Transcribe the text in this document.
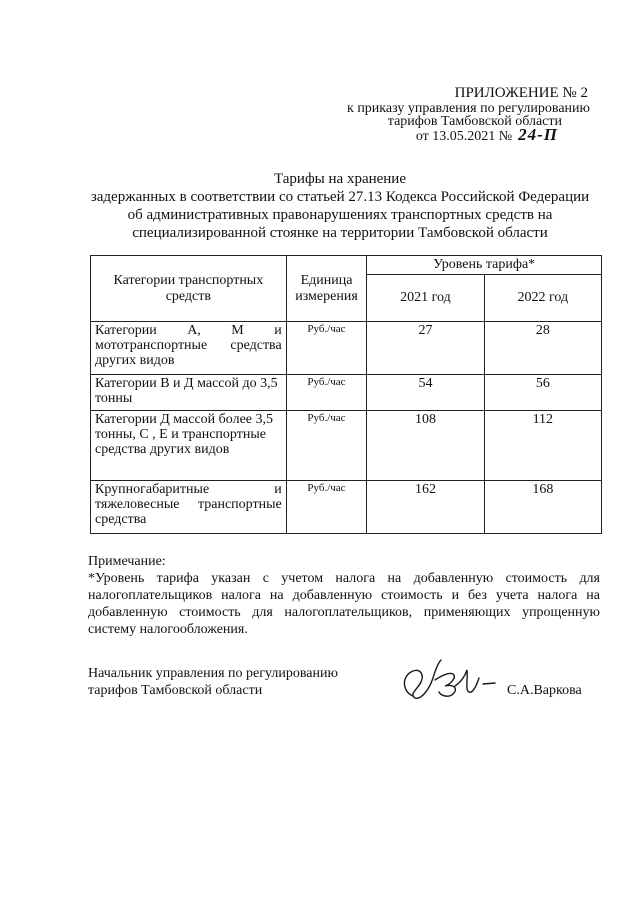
ПРИЛОЖЕНИЕ № 2
к приказу управления по регулированию
тарифов Тамбовской области
от 13.05.2021 № 24-П
Тарифы на хранение
задержанных в соответствии со статьей 27.13 Кодекса Российской Федерации
об административных правонарушениях транспортных средств на
специализированной стоянке на территории Тамбовской области
Категории транспортных средств	Единица измерения	Уровень тарифа*	
		2021 год	2022 год
Категории А, М и мототранспортные средства других видов	Руб./час	27	28
Категории В и Д массой до 3,5 тонны	Руб./час	54	56
Категории Д массой более 3,5 тонны, С , Е и транспортные средства других видов	Руб./час	108	112
Крупногабаритные и тяжеловесные транспортные средства	Руб./час	162	168
Примечание:
*Уровень тарифа указан с учетом налога на добавленную стоимость для налогоплательщиков налога на добавленную стоимость и без учета налога на добавленную стоимость для налогоплательщиков, применяющих упрощенную систему налогообложения.
Начальник управления по регулированию
тарифов Тамбовской области	С.А.Варкова
